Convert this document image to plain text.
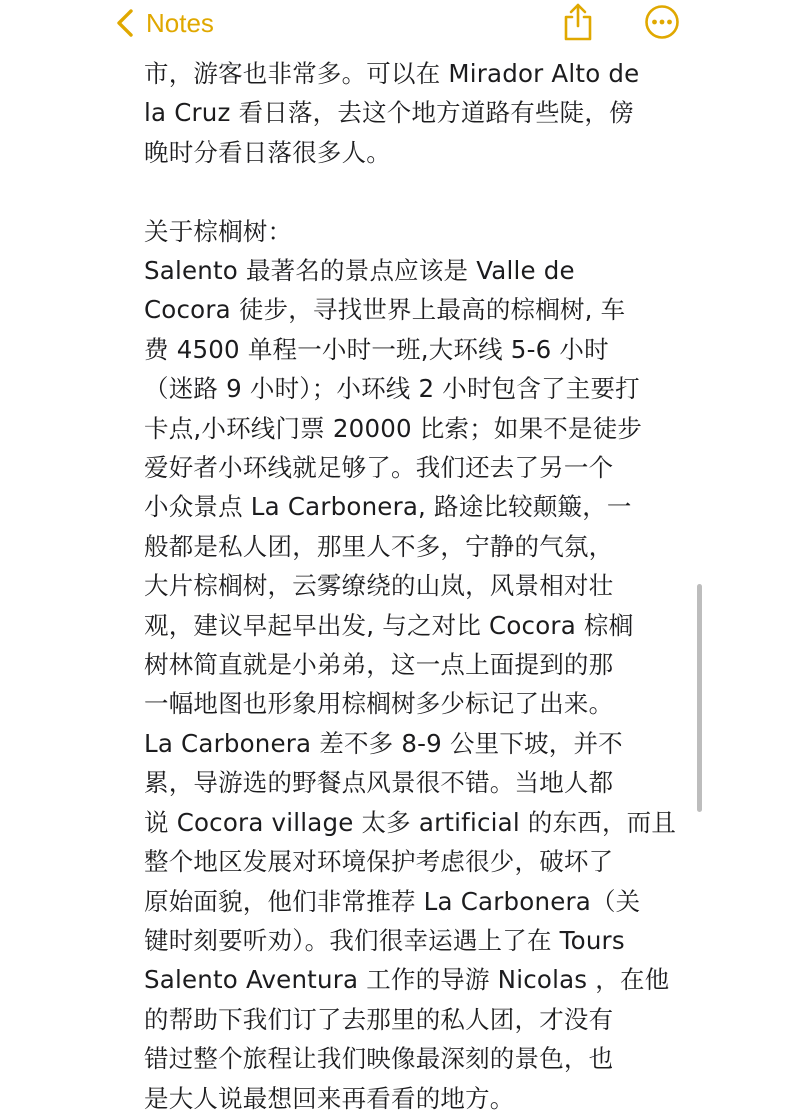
Notes

市，游客也非常多。可以在 Mirador Alto de

la Cruz 看日落，去这个地方道路有些陡，傍

晚时分看日落很多人。

关于棕榈树：

Salento 最著名的景点应该是 Valle de

Cocora 徒步，寻找世界上最高的棕榈树, 车

费 4500 单程一小时一班,大环线 5-6 小时

（迷路 9 小时）；小环线 2 小时包含了主要打

卡点,小环线门票 20000 比索；如果不是徒步

爱好者小环线就足够了。我们还去了另一个

小众景点 La Carbonera, 路途比较颠簸，一

般都是私人团，那里人不多，宁静的气氛，

大片棕榈树，云雾缭绕的山岚，风景相对壮

观，建议早起早出发, 与之对比 Cocora 棕榈

树林简直就是小弟弟，这一点上面提到的那

一幅地图也形象用棕榈树多少标记了出来。

La Carbonera 差不多 8-9 公里下坡，并不

累，导游选的野餐点风景很不错。当地人都

说 Cocora village 太多 artificial 的东西，而且

整个地区发展对环境保护考虑很少，破坏了

原始面貌，他们非常推荐 La Carbonera（关

键时刻要听劝）。我们很幸运遇上了在 Tours

Salento Aventura 工作的导游 Nicolas ，在他

的帮助下我们订了去那里的私人团，才没有

错过整个旅程让我们映像最深刻的景色，也

是大人说最想回来再看看的地方。
